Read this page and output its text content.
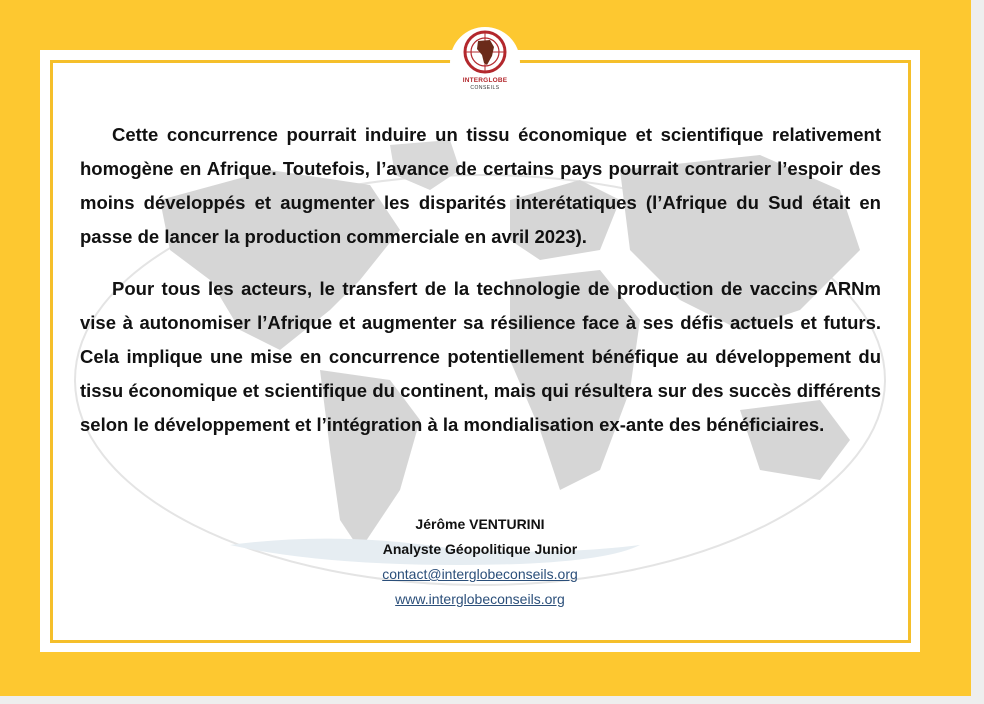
INTERGLOBE
CONSEILS

Cette concurrence pourrait induire un tissu économique et scientifique relativement homogène en Afrique. Toutefois, l’avance de certains pays pourrait contrarier l’espoir des moins développés et augmenter les disparités interétatiques (l’Afrique du Sud était en passe de lancer la production commerciale en avril 2023).

Pour tous les acteurs, le transfert de la technologie de production de vaccins ARNm vise à autonomiser l’Afrique et augmenter sa résilience face à ses défis actuels et futurs. Cela implique une mise en concurrence potentiellement bénéfique au développement du tissu économique et scientifique du continent, mais qui résultera sur des succès différents selon le développement et l’intégration à la mondialisation ex-ante des bénéficiaires.

Jérôme VENTURINI
Analyste Géopolitique Junior
contact@interglobeconseils.org
www.interglobeconseils.org
